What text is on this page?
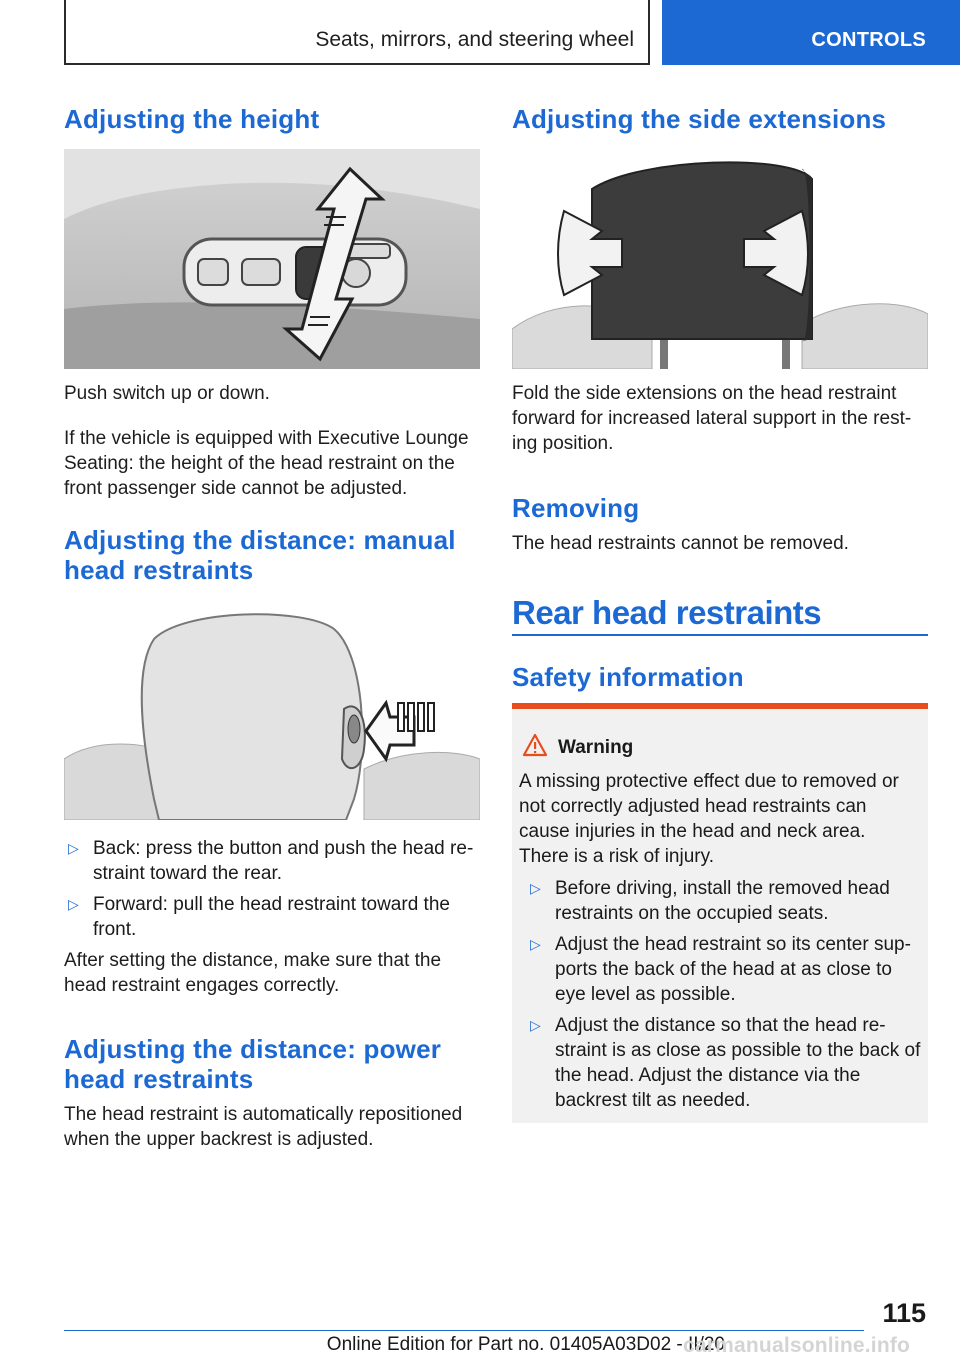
Seats, mirrors, and steering wheel	CONTROLS
Adjusting the height

Push switch up or down.

If the vehicle is equipped with Executive Lounge Seating: the height of the head restraint on the front passenger side cannot be adjusted.

Adjusting the distance: manual head restraints
▷ Back: press the button and push the head restraint toward the rear.
▷ Forward: pull the head restraint toward the front.

After setting the distance, make sure that the head restraint engages correctly.

Adjusting the distance: power head restraints

The head restraint is automatically repositioned when the upper backrest is adjusted.

Adjusting the side extensions

Fold the side extensions on the head restraint forward for increased lateral support in the resting position.

Removing

The head restraints cannot be removed.

Rear head restraints
Safety information
Warning

A missing protective effect due to removed or not correctly adjusted head restraints can cause injuries in the head and neck area. There is a risk of injury.

▷ Before driving, install the removed head restraints on the occupied seats.
▷ Adjust the head restraint so its center supports the back of the head at as close to eye level as possible.
▷ Adjust the distance so that the head restraint is as close as possible to the back of the head. Adjust the distance via the backrest tilt as needed.
115
Online Edition for Part no. 01405A03D02 - II/20
carmanualsonline.info
